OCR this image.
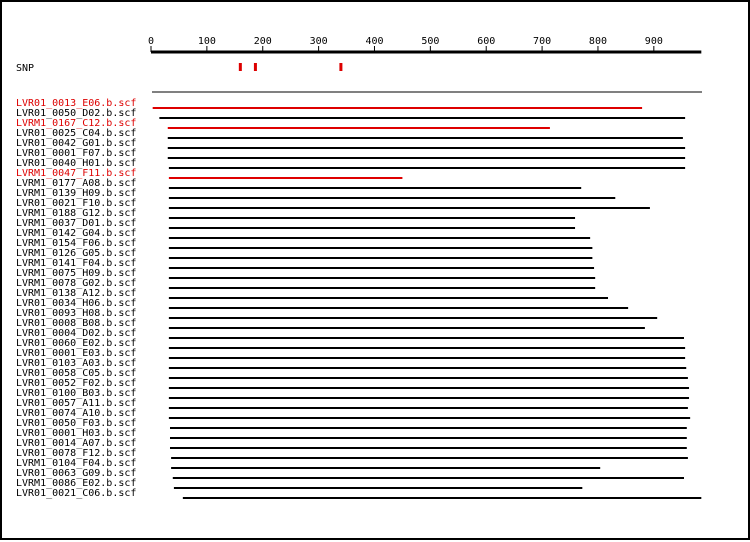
0	100	200	300	400	500	600	700	800	900
SNP
LVR01_0013_E06.b.scf
LVR01_0050_D02.b.scf
LVRM1_0167_C12.b.scf
LVR01_0025_C04.b.scf
LVR01_0042_G01.b.scf
LVR01_0001_F07.b.scf
LVR01_0040_H01.b.scf
LVRM1_0047_F11.b.scf
LVRM1_0177_A08.b.scf
LVRM1_0139_H09.b.scf
LVR01_0021_F10.b.scf
LVRM1_0188_G12.b.scf
LVRM1_0037_D01.b.scf
LVRM1_0142_G04.b.scf
LVRM1_0154_F06.b.scf
LVRM1_0126_G05.b.scf
LVRM1_0141_F04.b.scf
LVRM1_0075_H09.b.scf
LVRM1_0078_G02.b.scf
LVRM1_0138_A12.b.scf
LVR01_0034_H06.b.scf
LVR01_0093_H08.b.scf
LVR01_0008_B08.b.scf
LVR01_0004_D02.b.scf
LVR01_0060_E02.b.scf
LVR01_0001_E03.b.scf
LVR01_0103_A03.b.scf
LVR01_0058_C05.b.scf
LVR01_0052_F02.b.scf
LVR01_0100_B03.b.scf
LVR01_0057_A11.b.scf
LVR01_0074_A10.b.scf
LVR01_0050_F03.b.scf
LVR01_0001_H03.b.scf
LVR01_0014_A07.b.scf
LVR01_0078_F12.b.scf
LVRM1_0104_F04.b.scf
LVR01_0063_G09.b.scf
LVRM1_0086_E02.b.scf
LVR01_0021_C06.b.scf
